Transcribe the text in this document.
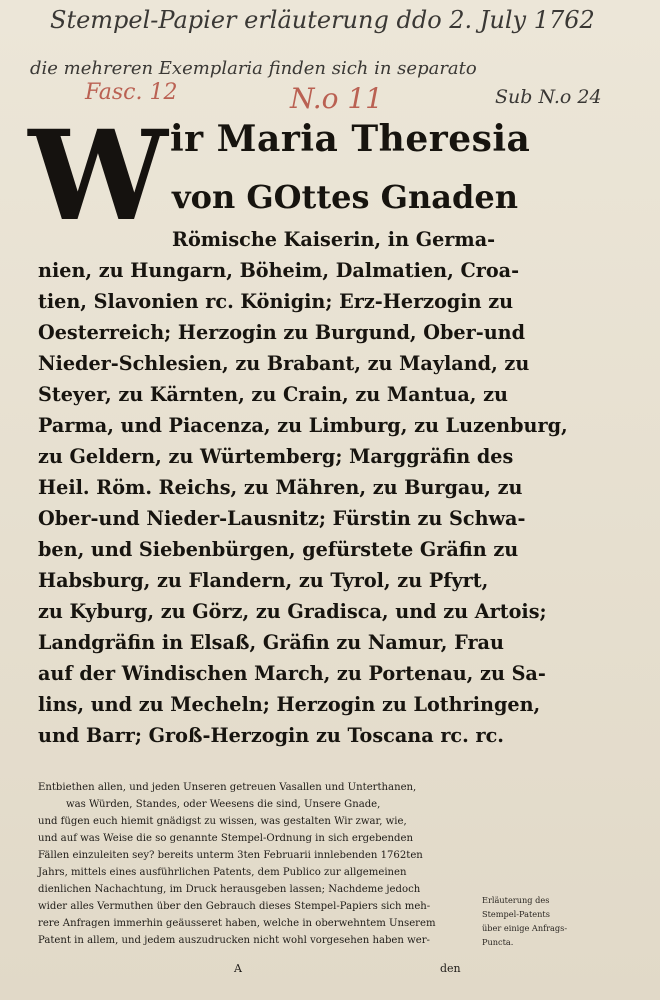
Stempel-Papier erläuterung ddo 2. July 1762
die mehreren Exemplaria finden sich in separato
Sub N.o 24
Fasc. 12	N.o 11
W ir Maria Theresia
von GOttes Gnaden
Römische Kaiserin, in Germa-
nien, zu Hungarn, Böheim, Dalmatien, Croa-
tien, Slavonien rc. Königin; Erz-Herzogin zu
Oesterreich; Herzogin zu Burgund, Ober-und
Nieder-Schlesien, zu Brabant, zu Mayland, zu
Steyer, zu Kärnten, zu Crain, zu Mantua, zu
Parma, und Piacenza, zu Limburg, zu Luzenburg,
zu Geldern, zu Würtemberg; Marggräfin des
Heil. Röm. Reichs, zu Mähren, zu Burgau, zu
Ober-und Nieder-Lausnitz; Fürstin zu Schwa-
ben, und Siebenbürgen, gefürstete Gräfin zu
Habsburg, zu Flandern, zu Tyrol, zu Pfyrt,
zu Kyburg, zu Görz, zu Gradisca, und zu Artois;
Landgräfin in Elsaß, Gräfin zu Namur, Frau
auf der Windischen March, zu Portenau, zu Sa-
lins, und zu Mecheln; Herzogin zu Lothringen,
und Barr; Groß-Herzogin zu Toscana rc. rc.
Entbiethen allen, und jeden Unseren getreuen Vasallen und Unterthanen,
was Würden, Standes, oder Weesens die sind, Unsere Gnade,
und fügen euch hiemit gnädigst zu wissen, was gestalten Wir zwar, wie,
und auf was Weise die so genannte Stempel-Ordnung in sich ergebenden
Fällen einzuleiten sey? bereits unterm 3ten Februarii innlebenden 1762ten
Jahrs, mittels eines ausführlichen Patents, dem Publico zur allgemeinen
dienlichen Nachachtung, im Druck herausgeben lassen; Nachdeme jedoch
wider alles Vermuthen über den Gebrauch dieses Stempel-Papiers sich meh-
rere Anfragen immerhin geäusseret haben, welche in oberwehntem Unserem
Patent in allem, und jedem auszudrucken nicht wohl vorgesehen haben wer-
Erläuterung des
Stempel-Patents
über einige Anfrags-
Puncta.
A	den
